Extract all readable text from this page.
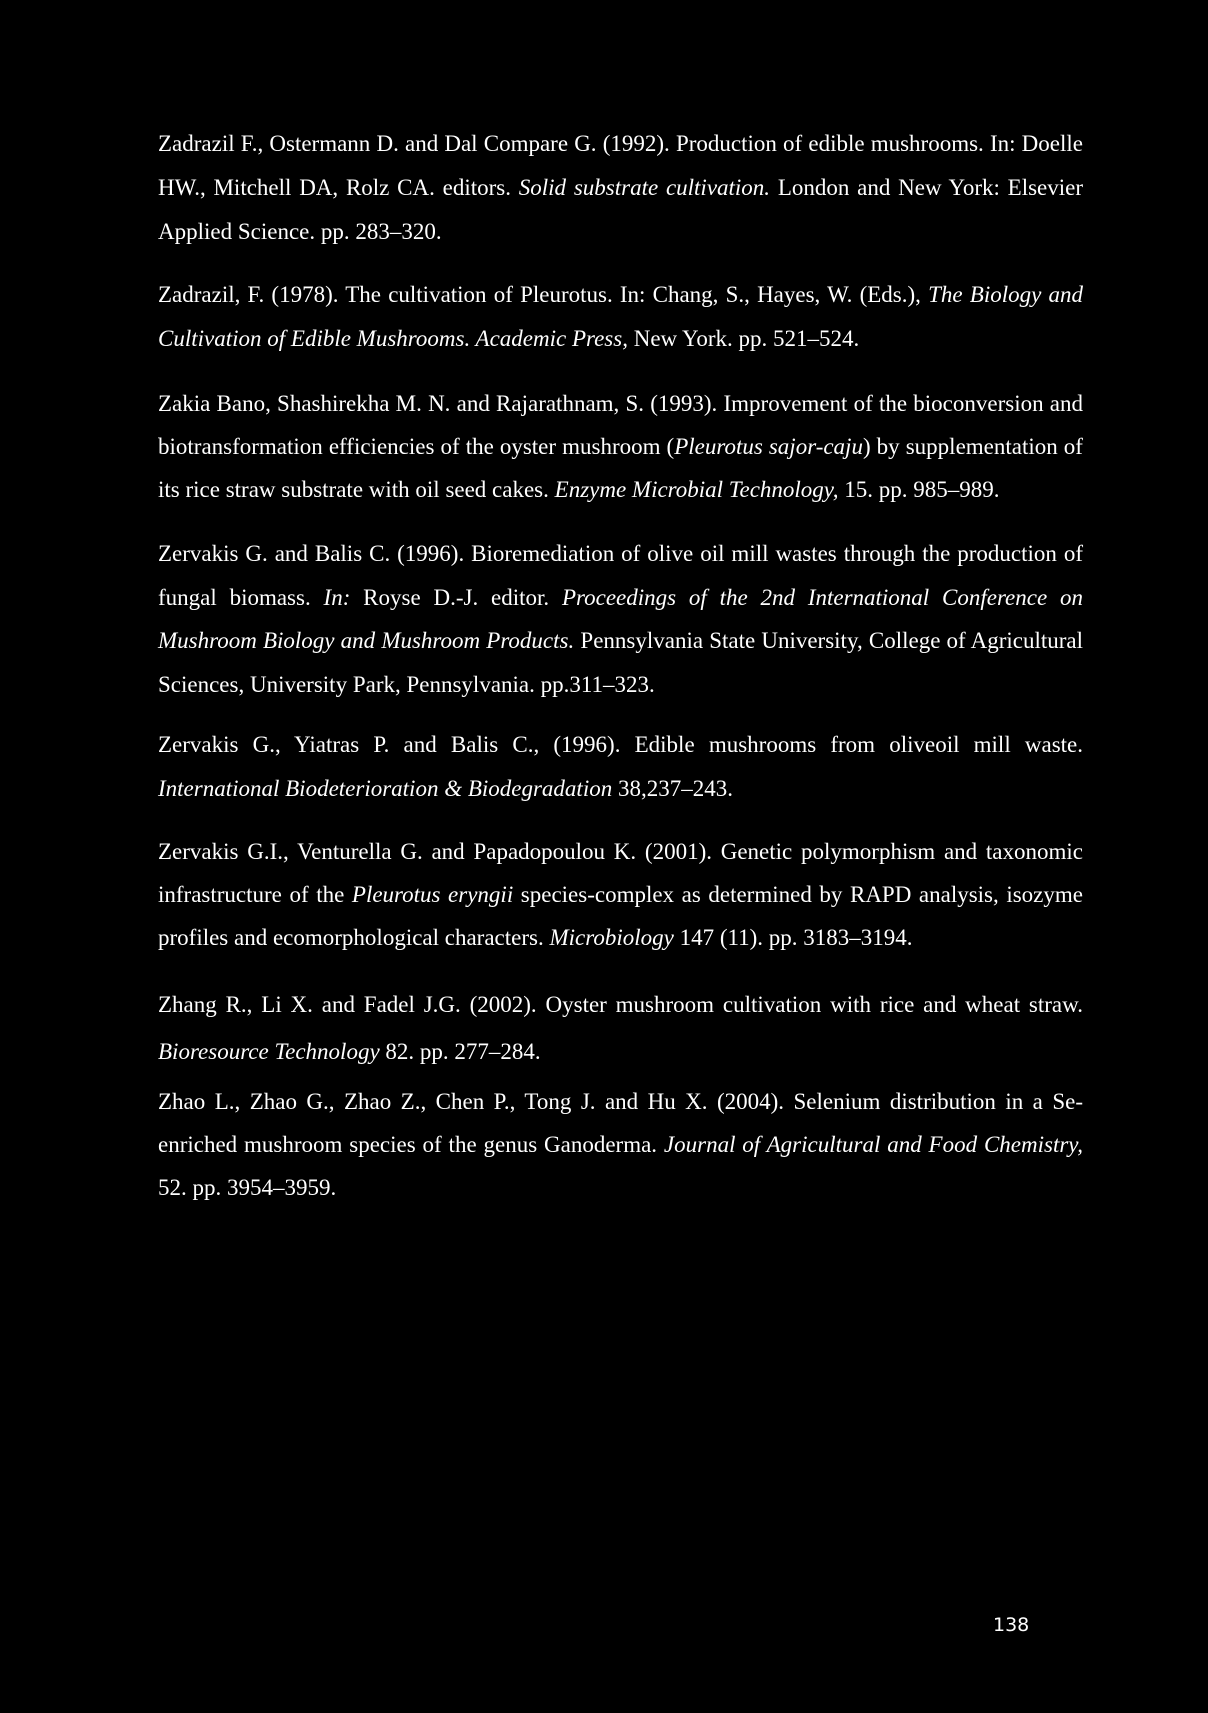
Zadrazil F., Ostermann D. and Dal Compare G. (1992). Production of edible mushrooms. In: Doelle HW., Mitchell DA, Rolz CA. editors. Solid substrate cultivation. London and New York: Elsevier Applied Science. pp. 283–320.

Zadrazil, F. (1978). The cultivation of Pleurotus. In: Chang, S., Hayes, W. (Eds.), The Biology and Cultivation of Edible Mushrooms. Academic Press, New York. pp. 521–524.

Zakia Bano, Shashirekha M. N. and Rajarathnam, S. (1993). Improvement of the bioconversion and biotransformation efficiencies of the oyster mushroom (Pleurotus sajor-caju) by supplementation of its rice straw substrate with oil seed cakes. Enzyme Microbial Technology, 15. pp. 985–989.

Zervakis G. and Balis C. (1996). Bioremediation of olive oil mill wastes through the production of fungal biomass. In: Royse D.-J. editor. Proceedings of the 2nd International Conference on Mushroom Biology and Mushroom Products. Pennsylvania State University, College of Agricultural Sciences, University Park, Pennsylvania. pp.311–323.

Zervakis G., Yiatras P. and Balis C., (1996). Edible mushrooms from oliveoil mill waste. International Biodeterioration & Biodegradation 38,237–243.

Zervakis G.I., Venturella G. and Papadopoulou K. (2001). Genetic polymorphism and taxonomic infrastructure of the Pleurotus eryngii species-complex as determined by RAPD analysis, isozyme profiles and ecomorphological characters. Microbiology 147 (11). pp. 3183–3194.

Zhang R., Li X. and Fadel J.G. (2002). Oyster mushroom cultivation with rice and wheat straw. Bioresource Technology 82. pp. 277–284.

Zhao L., Zhao G., Zhao Z., Chen P., Tong J. and Hu X. (2004). Selenium distribution in a Se-enriched mushroom species of the genus Ganoderma. Journal of Agricultural and Food Chemistry, 52. pp. 3954–3959.

138
